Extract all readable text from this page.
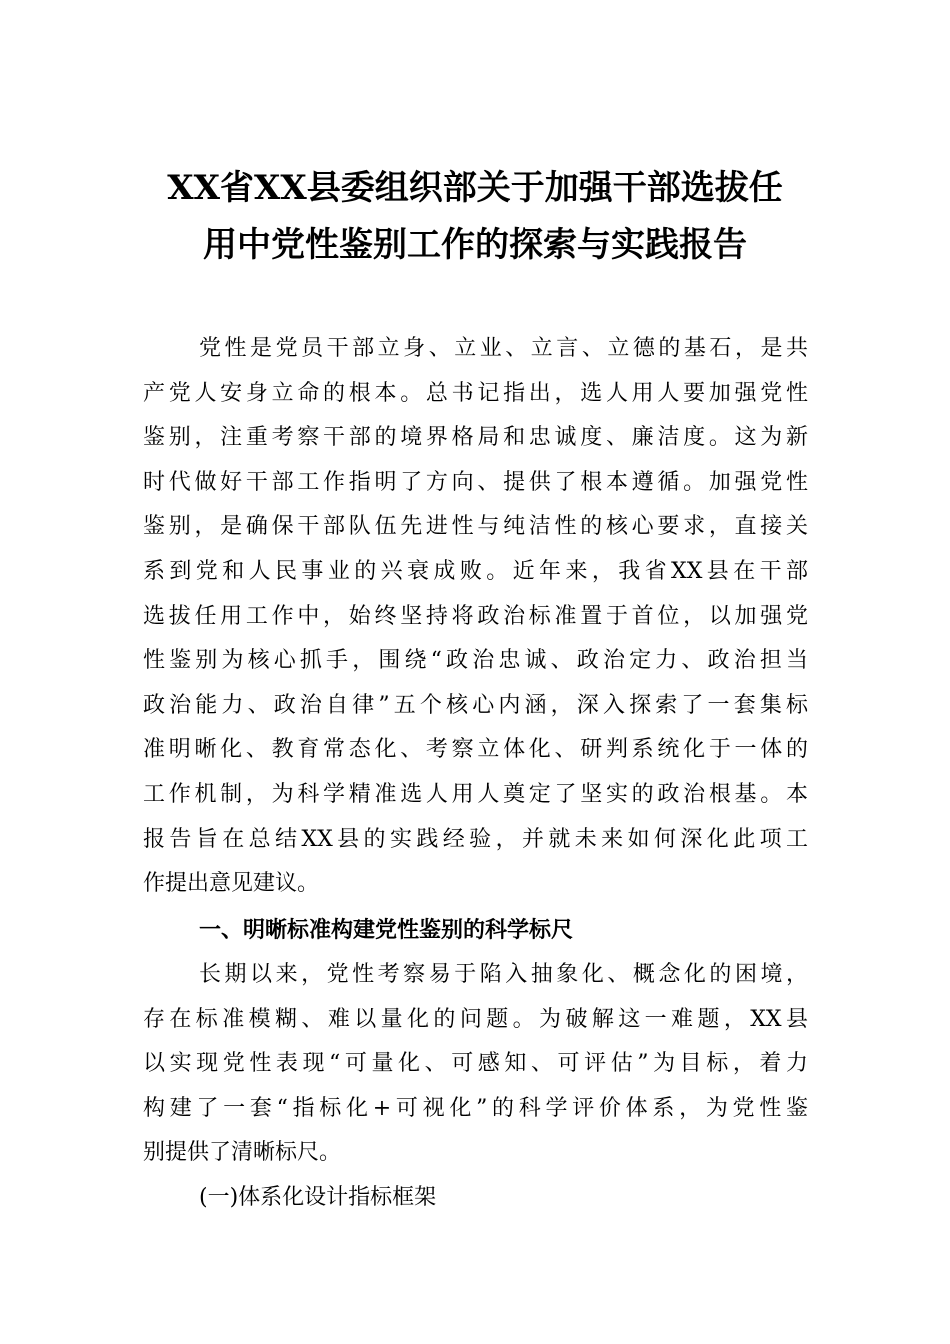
XX省XX县委组织部关于加强干部选拔任
用中党性鉴别工作的探索与实践报告
党性是党员干部立身、立业、立言、立德的基石，是共
产党人安身立命的根本。总书记指出，选人用人要加强党性
鉴别，注重考察干部的境界格局和忠诚度、廉洁度。这为新
时代做好干部工作指明了方向、提供了根本遵循。加强党性
鉴别，是确保干部队伍先进性与纯洁性的核心要求，直接关
系到党和人民事业的兴衰成败。近年来，我省XX县在干部
选拔任用工作中，始终坚持将政治标准置于首位，以加强党
性鉴别为核心抓手，围绕“政治忠诚、政治定力、政治担当
政治能力、政治自律”五个核心内涵，深入探索了一套集标
准明晰化、教育常态化、考察立体化、研判系统化于一体的
工作机制，为科学精准选人用人奠定了坚实的政治根基。本
报告旨在总结XX县的实践经验，并就未来如何深化此项工
作提出意见建议。
一、明晰标准构建党性鉴别的科学标尺
长期以来，党性考察易于陷入抽象化、概念化的困境，
存在标准模糊、难以量化的问题。为破解这一难题，XX县
以实现党性表现“可量化、可感知、可评估”为目标，着力
构建了一套“指标化+可视化”的科学评价体系，为党性鉴
别提供了清晰标尺。
(一)体系化设计指标框架
